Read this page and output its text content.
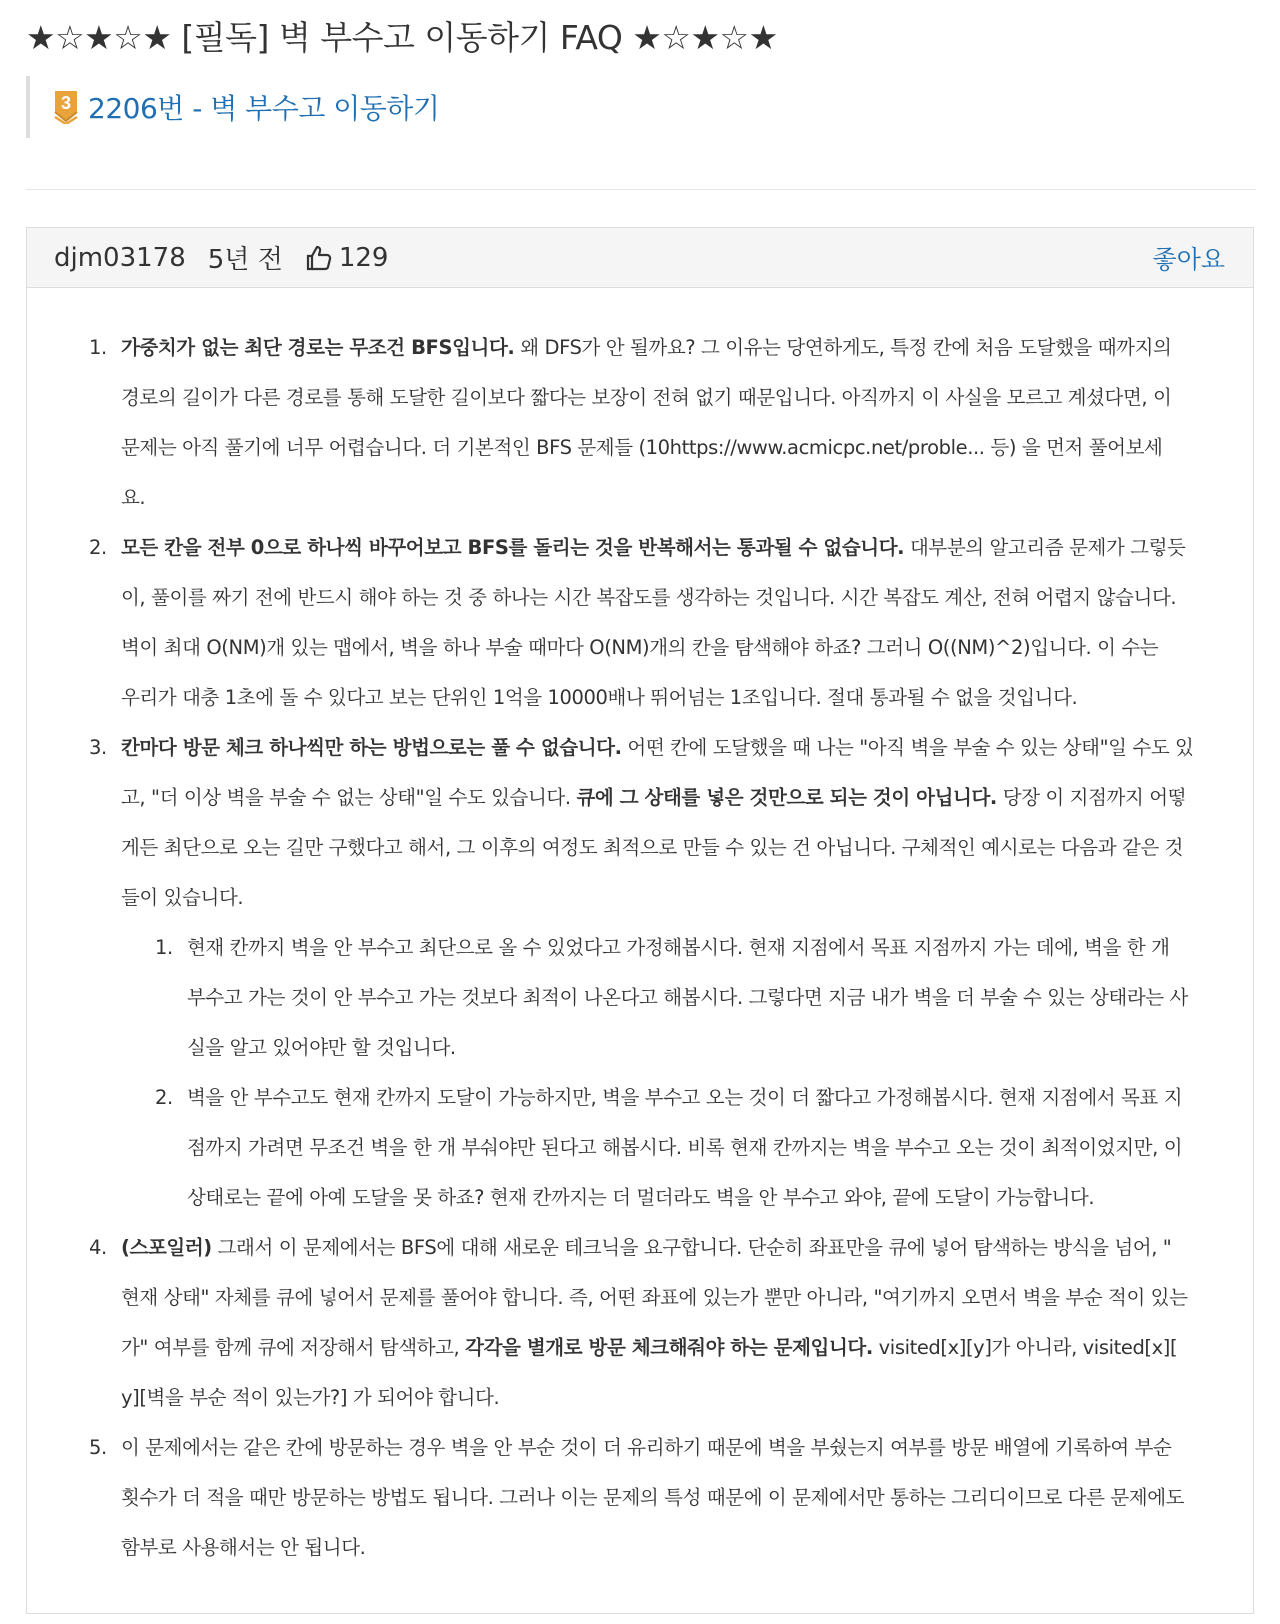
★☆★☆★ [필독] 벽 부수고 이동하기 FAQ ★☆★☆★
3 2206번 - 벽 부수고 이동하기
djm03178 5년 전 129	좋아요
1. 가중치가 없는 최단 경로는 무조건 BFS입니다. 왜 DFS가 안 될까요? 그 이유는 당연하게도, 특정 칸에 처음 도달했을 때까지의
경로의 길이가 다른 경로를 통해 도달한 길이보다 짧다는 보장이 전혀 없기 때문입니다. 아직까지 이 사실을 모르고 계셨다면, 이
문제는 아직 풀기에 너무 어렵습니다. 더 기본적인 BFS 문제들 (10https://www.acmicpc.net/proble... 등) 을 먼저 풀어보세
요.
2. 모든 칸을 전부 0으로 하나씩 바꾸어보고 BFS를 돌리는 것을 반복해서는 통과될 수 없습니다. 대부분의 알고리즘 문제가 그렇듯
이, 풀이를 짜기 전에 반드시 해야 하는 것 중 하나는 시간 복잡도를 생각하는 것입니다. 시간 복잡도 계산, 전혀 어렵지 않습니다.
벽이 최대 O(NM)개 있는 맵에서, 벽을 하나 부술 때마다 O(NM)개의 칸을 탐색해야 하죠? 그러니 O((NM)^2)입니다. 이 수는
우리가 대충 1초에 돌 수 있다고 보는 단위인 1억을 10000배나 뛰어넘는 1조입니다. 절대 통과될 수 없을 것입니다.
3. 칸마다 방문 체크 하나씩만 하는 방법으로는 풀 수 없습니다. 어떤 칸에 도달했을 때 나는 "아직 벽을 부술 수 있는 상태"일 수도 있
고, "더 이상 벽을 부술 수 없는 상태"일 수도 있습니다. 큐에 그 상태를 넣은 것만으로 되는 것이 아닙니다. 당장 이 지점까지 어떻
게든 최단으로 오는 길만 구했다고 해서, 그 이후의 여정도 최적으로 만들 수 있는 건 아닙니다. 구체적인 예시로는 다음과 같은 것
들이 있습니다.
1. 현재 칸까지 벽을 안 부수고 최단으로 올 수 있었다고 가정해봅시다. 현재 지점에서 목표 지점까지 가는 데에, 벽을 한 개
부수고 가는 것이 안 부수고 가는 것보다 최적이 나온다고 해봅시다. 그렇다면 지금 내가 벽을 더 부술 수 있는 상태라는 사
실을 알고 있어야만 할 것입니다.
2. 벽을 안 부수고도 현재 칸까지 도달이 가능하지만, 벽을 부수고 오는 것이 더 짧다고 가정해봅시다. 현재 지점에서 목표 지
점까지 가려면 무조건 벽을 한 개 부숴야만 된다고 해봅시다. 비록 현재 칸까지는 벽을 부수고 오는 것이 최적이었지만, 이
상태로는 끝에 아예 도달을 못 하죠? 현재 칸까지는 더 멀더라도 벽을 안 부수고 와야, 끝에 도달이 가능합니다.
4. (스포일러) 그래서 이 문제에서는 BFS에 대해 새로운 테크닉을 요구합니다. 단순히 좌표만을 큐에 넣어 탐색하는 방식을 넘어, "
현재 상태" 자체를 큐에 넣어서 문제를 풀어야 합니다. 즉, 어떤 좌표에 있는가 뿐만 아니라, "여기까지 오면서 벽을 부순 적이 있는
가" 여부를 함께 큐에 저장해서 탐색하고, 각각을 별개로 방문 체크해줘야 하는 문제입니다. visited[x][y]가 아니라, visited[x][
y][벽을 부순 적이 있는가?] 가 되어야 합니다.
5. 이 문제에서는 같은 칸에 방문하는 경우 벽을 안 부순 것이 더 유리하기 때문에 벽을 부쉈는지 여부를 방문 배열에 기록하여 부순
횟수가 더 적을 때만 방문하는 방법도 됩니다. 그러나 이는 문제의 특성 때문에 이 문제에서만 통하는 그리디이므로 다른 문제에도
함부로 사용해서는 안 됩니다.
